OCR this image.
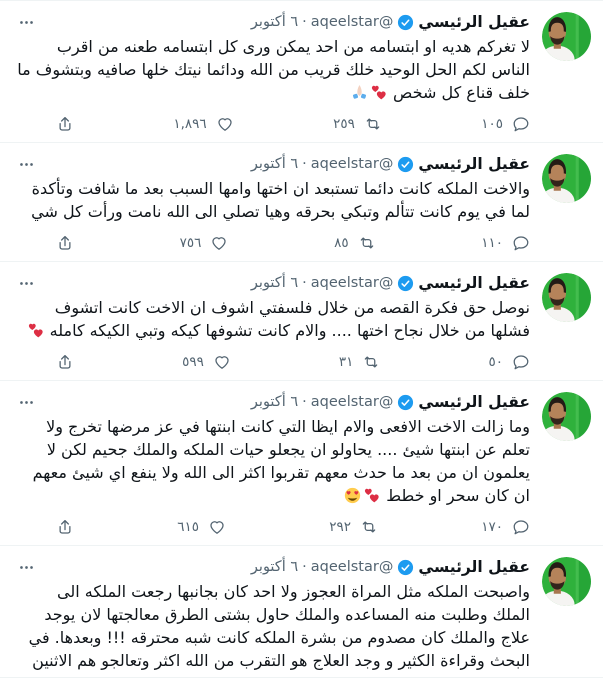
عقيل الرئيسي
@aqeelstar
·
٦ أكتوبر
لا تغركم هديه او ابتسامه من احد يمكن ورى كل ابتسامه طعنه من اقرب الناس لكم الحل الوحيد خلك قريب من الله ودائما نيتك خلها صافيه وبتشوف ما خلف قناع كل شخص
١٠٥
٢٥٩
١,٨٩٦
عقيل الرئيسي
@aqeelstar
·
٦ أكتوبر
والاخت الملكه كانت دائما تستبعد ان اختها وامها السبب بعد ما شافت وتأكدة لما في يوم كانت تتألم وتبكي بحرقه وهيا تصلي الى الله نامت ورأت كل شي
١١٠
٨٥
٧٥٦
عقيل الرئيسي
@aqeelstar
·
٦ أكتوبر
نوصل حق فكرة القصه من خلال فلسفتي اشوف ان الاخت كانت اتشوف فشلها من خلال نجاح اختها .... والام كانت تشوفها كيكه وتبي الكيكه كامله
٥٠
٣١
٥٩٩
عقيل الرئيسي
@aqeelstar
·
٦ أكتوبر
وما زالت الاخت الافعى والام ايظا التي كانت ابنتها في عز مرضها تخرج ولا تعلم عن ابنتها شيئ .... يحاولو ان يجعلو حيات الملكه والملك جحيم لكن لا يعلمون ان من بعد ما حدث معهم تقربوا اكثر الى الله ولا ينفع اي شيئ معهم ان كان سحر او خطط
١٧٠
٢٩٢
٦١٥
عقيل الرئيسي
@aqeelstar
·
٦ أكتوبر
واصبحت الملكه مثل المراة العجوز ولا احد كان بجانبها رجعت الملكه الى الملك وطلبت منه المساعده والملك حاول بشتى الطرق معالجتها لان يوجد علاج والملك كان مصدوم من بشرة الملكه كانت شبه محترقه !!! وبعدها. في البحث وقراءة الكثير و وجد العلاج هو التقرب من الله اكثر وتعالجو هم الاثنين
